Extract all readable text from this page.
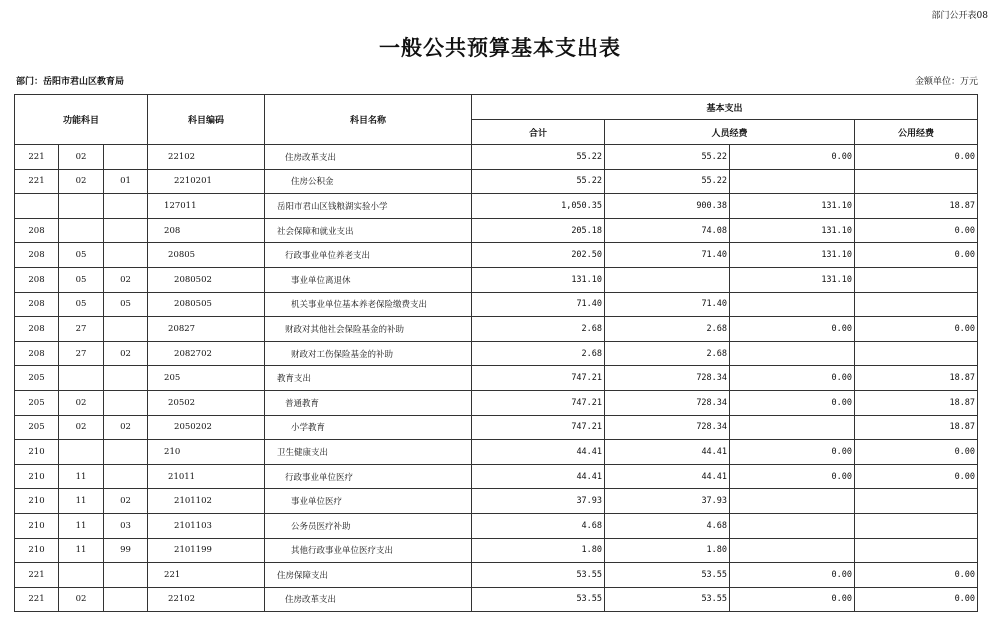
部门公开表08
一般公共预算基本支出表
部门：岳阳市君山区教育局	金额单位：万元
功能科目			科目编码	科目名称	基本支出			
					合计	人员经费		公用经费
221	02		22102	住房改革支出	55.22	55.22	0.00	0.00
221	02	01	2210201	住房公积金	55.22	55.22		
			127011	岳阳市君山区钱粮湖实验小学	1,050.35	900.38	131.10	18.87
208			208	社会保障和就业支出	205.18	74.08	131.10	0.00
208	05		20805	行政事业单位养老支出	202.50	71.40	131.10	0.00
208	05	02	2080502	事业单位离退休	131.10		131.10	
208	05	05	2080505	机关事业单位基本养老保险缴费支出	71.40	71.40		
208	27		20827	财政对其他社会保险基金的补助	2.68	2.68	0.00	0.00
208	27	02	2082702	财政对工伤保险基金的补助	2.68	2.68		
205			205	教育支出	747.21	728.34	0.00	18.87
205	02		20502	普通教育	747.21	728.34	0.00	18.87
205	02	02	2050202	小学教育	747.21	728.34		18.87
210			210	卫生健康支出	44.41	44.41	0.00	0.00
210	11		21011	行政事业单位医疗	44.41	44.41	0.00	0.00
210	11	02	2101102	事业单位医疗	37.93	37.93		
210	11	03	2101103	公务员医疗补助	4.68	4.68		
210	11	99	2101199	其他行政事业单位医疗支出	1.80	1.80		
221			221	住房保障支出	53.55	53.55	0.00	0.00
221	02		22102	住房改革支出	53.55	53.55	0.00	0.00
